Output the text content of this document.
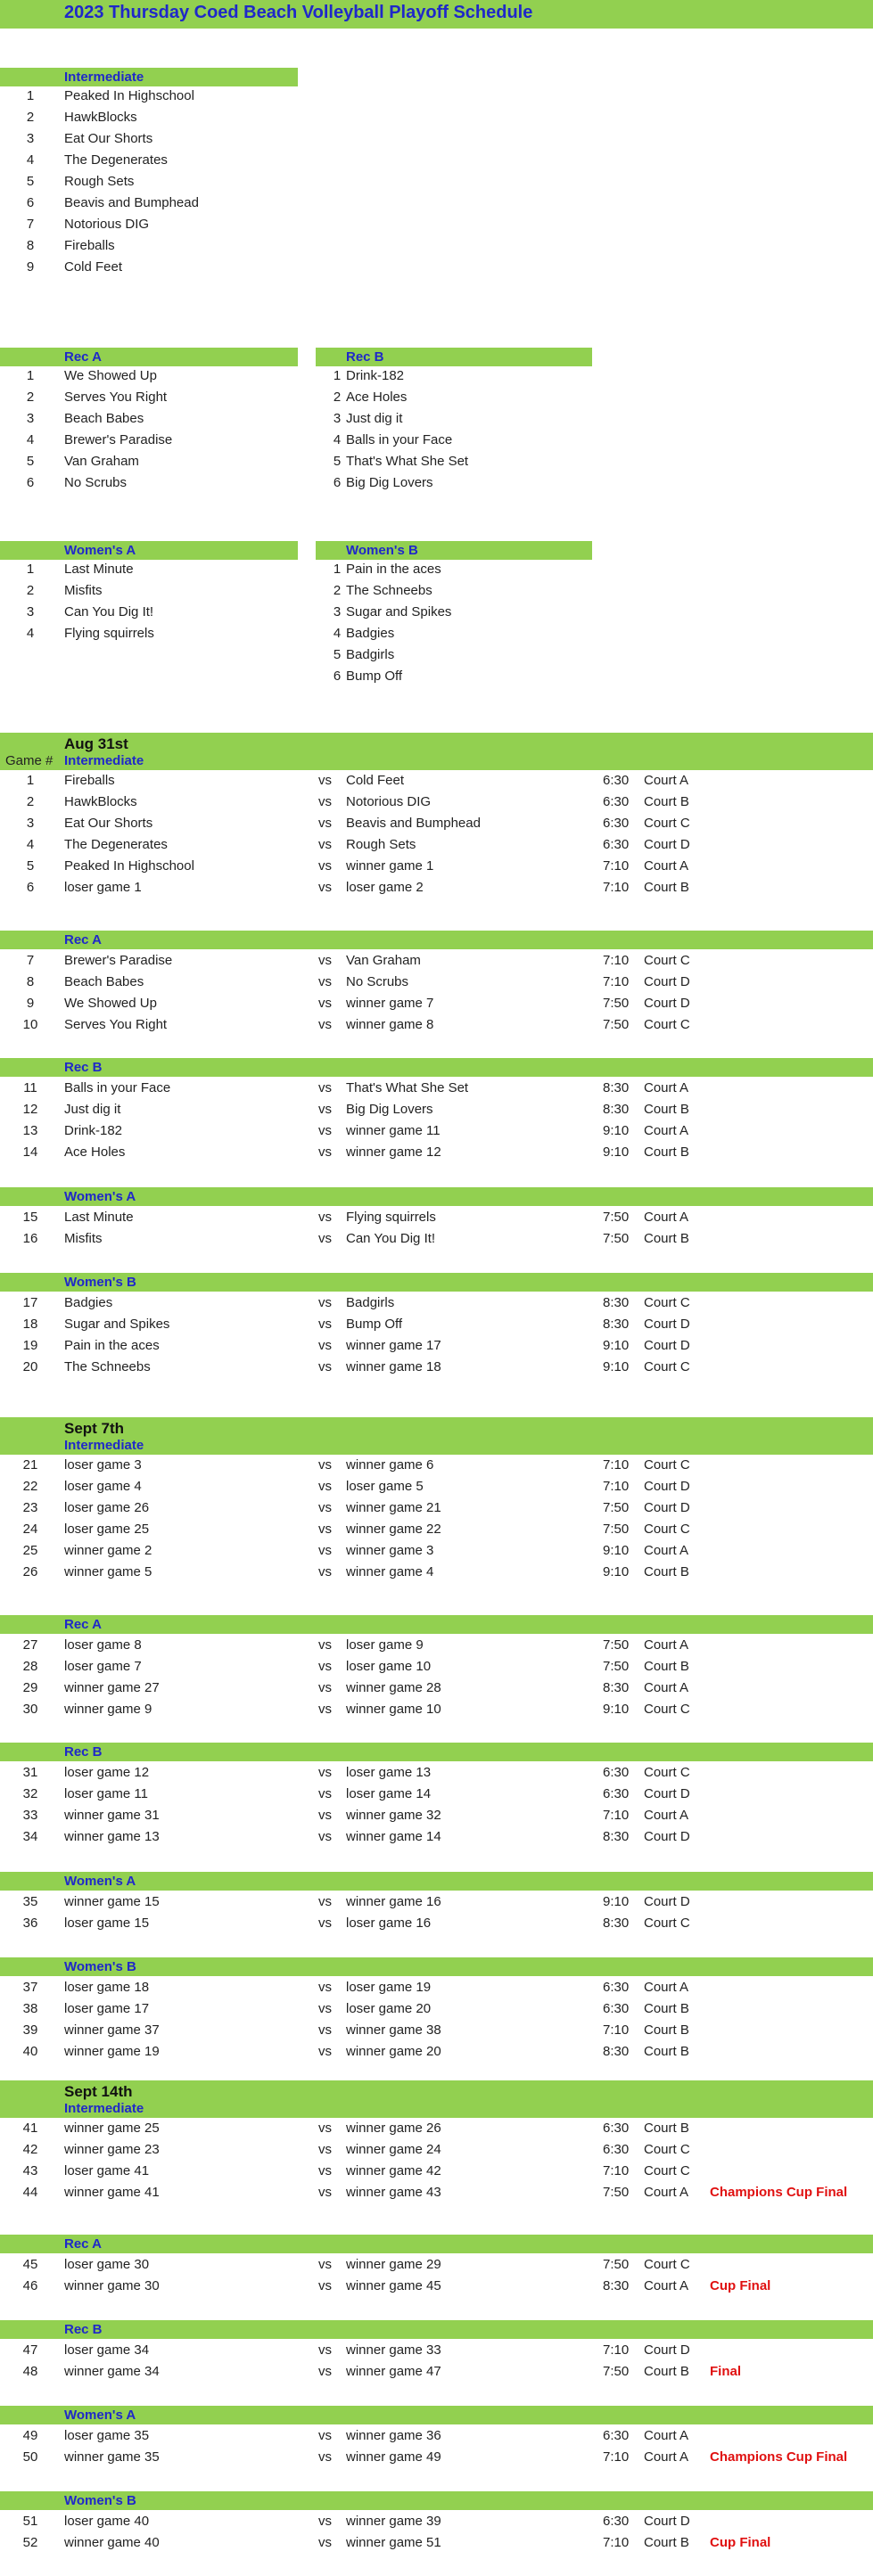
2023 Thursday Coed Beach Volleyball Playoff Schedule
Intermediate
1	Peaked In Highschool
2	HawkBlocks
3	Eat Our Shorts
4	The Degenerates
5	Rough Sets
6	Beavis and Bumphead
7	Notorious DIG
8	Fireballs
9	Cold Feet
Rec A
1	We Showed Up
2	Serves You Right
3	Beach Babes
4	Brewer's Paradise
5	Van Graham
6	No Scrubs
Rec B
1 Drink-182
2 Ace Holes
3 Just dig it
4 Balls in your Face
5 That's What She Set
6 Big Dig Lovers
Women's A
1	Last Minute
2	Misfits
3	Can You Dig It!
4	Flying squirrels
Women's B
1 Pain in the aces
2 The Schneebs
3 Sugar and Spikes
4 Badgies
5 Badgirls
6 Bump Off
Aug 31st
Game # Intermediate
1	Fireballs	vs Cold Feet	6:30 Court A
2	HawkBlocks	vs Notorious DIG	6:30 Court B
3	Eat Our Shorts	vs Beavis and Bumphead	6:30 Court C
4	The Degenerates	vs Rough Sets	6:30 Court D
5	Peaked In Highschool	vs winner game 1	7:10 Court A
6	loser game 1	vs loser game 2	7:10 Court B
Rec A
7	Brewer's Paradise	vs Van Graham	7:10 Court C
8	Beach Babes	vs No Scrubs	7:10 Court D
9	We Showed Up	vs winner game 7	7:50 Court D
10	Serves You Right	vs winner game 8	7:50 Court C
Rec B
11	Balls in your Face	vs That's What She Set	8:30 Court A
12	Just dig it	vs Big Dig Lovers	8:30 Court B
13	Drink-182	vs winner game 11	9:10 Court A
14	Ace Holes	vs winner game 12	9:10 Court B
Women's A
15	Last Minute	vs Flying squirrels	7:50 Court A
16	Misfits	vs Can You Dig It!	7:50 Court B
Women's B
17	Badgies	vs Badgirls	8:30 Court C
18	Sugar and Spikes	vs Bump Off	8:30 Court D
19	Pain in the aces	vs winner game 17	9:10 Court D
20	The Schneebs	vs winner game 18	9:10 Court C
Sept 7th
Intermediate
21	loser game 3	vs winner game 6	7:10 Court C
22	loser game 4	vs loser game 5	7:10 Court D
23	loser game 26	vs winner game 21	7:50 Court D
24	loser game 25	vs winner game 22	7:50 Court C
25	winner game 2	vs winner game 3	9:10 Court A
26	winner game 5	vs winner game 4	9:10 Court B
Rec A
27	loser game 8	vs loser game 9	7:50 Court A
28	loser game 7	vs loser game 10	7:50 Court B
29	winner game 27	vs winner game 28	8:30 Court A
30	winner game 9	vs winner game 10	9:10 Court C
Rec B
31	loser game 12	vs loser game 13	6:30 Court C
32	loser game 11	vs loser game 14	6:30 Court D
33	winner game 31	vs winner game 32	7:10 Court A
34	winner game 13	vs winner game 14	8:30 Court D
Women's A
35	winner game 15	vs winner game 16	9:10 Court D
36	loser game 15	vs loser game 16	8:30 Court C
Women's B
37	loser game 18	vs loser game 19	6:30 Court A
38	loser game 17	vs loser game 20	6:30 Court B
39	winner game 37	vs winner game 38	7:10 Court B
40	winner game 19	vs winner game 20	8:30 Court B
Sept 14th
Intermediate
41	winner game 25	vs winner game 26	6:30 Court B
42	winner game 23	vs winner game 24	6:30 Court C
43	loser game 41	vs winner game 42	7:10 Court C
44	winner game 41	vs winner game 43	7:50 Court A Champions Cup Final
Rec A
45	loser game 30	vs winner game 29	7:50 Court C
46	winner game 30	vs winner game 45	8:30 Court A Cup Final
Rec B
47	loser game 34	vs winner game 33	7:10 Court D
48	winner game 34	vs winner game 47	7:50 Court B Final
Women's A
49	loser game 35	vs winner game 36	6:30 Court A
50	winner game 35	vs winner game 49	7:10 Court A Champions Cup Final
Women's B
51	loser game 40	vs winner game 39	6:30 Court D
52	winner game 40	vs winner game 51	7:10 Court B Cup Final
